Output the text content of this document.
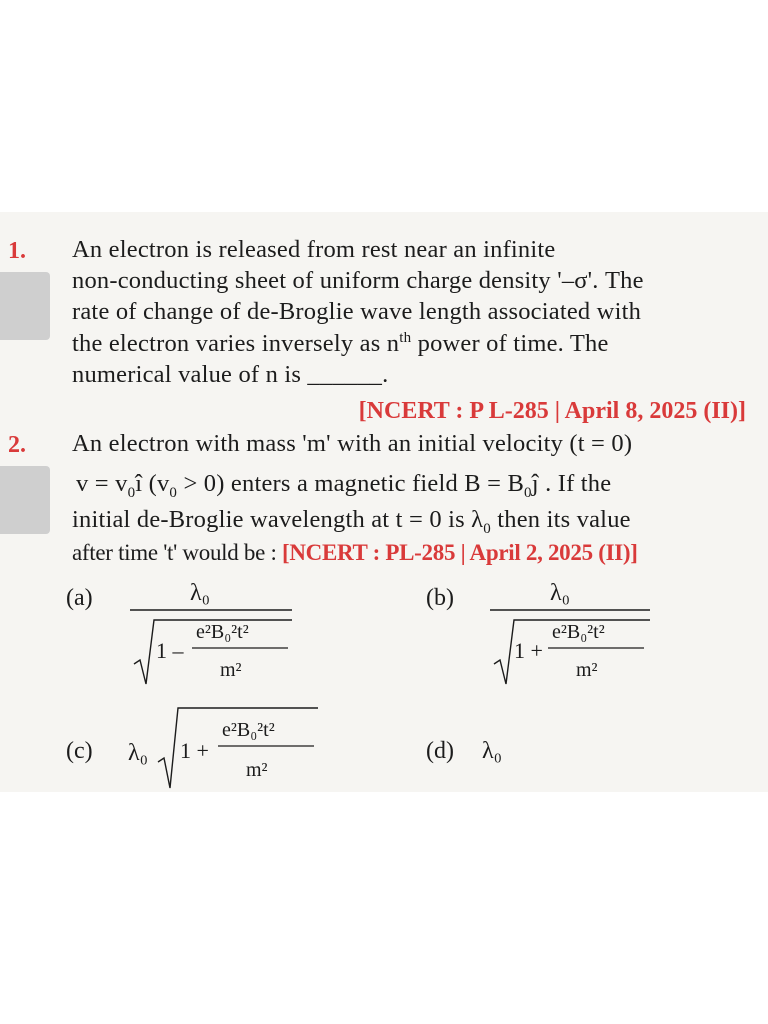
1. An electron is released from rest near an infinite
non-conducting sheet of uniform charge density '–σ'. The
rate of change of de-Broglie wave length associated with
the electron varies inversely as $n^{th}$ power of time. The
numerical value of n is ______.
[NCERT : P L-285 | April 8, 2025 (II)]
2. An electron with mass 'm' with an initial velocity (t = 0)
$v = v_0î$ $(v_0 > 0)$ enters a magnetic field $B = B_0ĵ$ . If the
initial de-Broglie wavelength at t = 0 is $\lambda_0$ then its value
after time 't' would be : [NCERT : PL-285 | April 2, 2025 (II)]
(a)	λ₀
1 –
e²B₀²t²
m²
(b)	λ₀
1 +
e²B₀²t²
m²
(c) λ₀ 1 +
e²B₀²t²
m²
(d) λ₀
